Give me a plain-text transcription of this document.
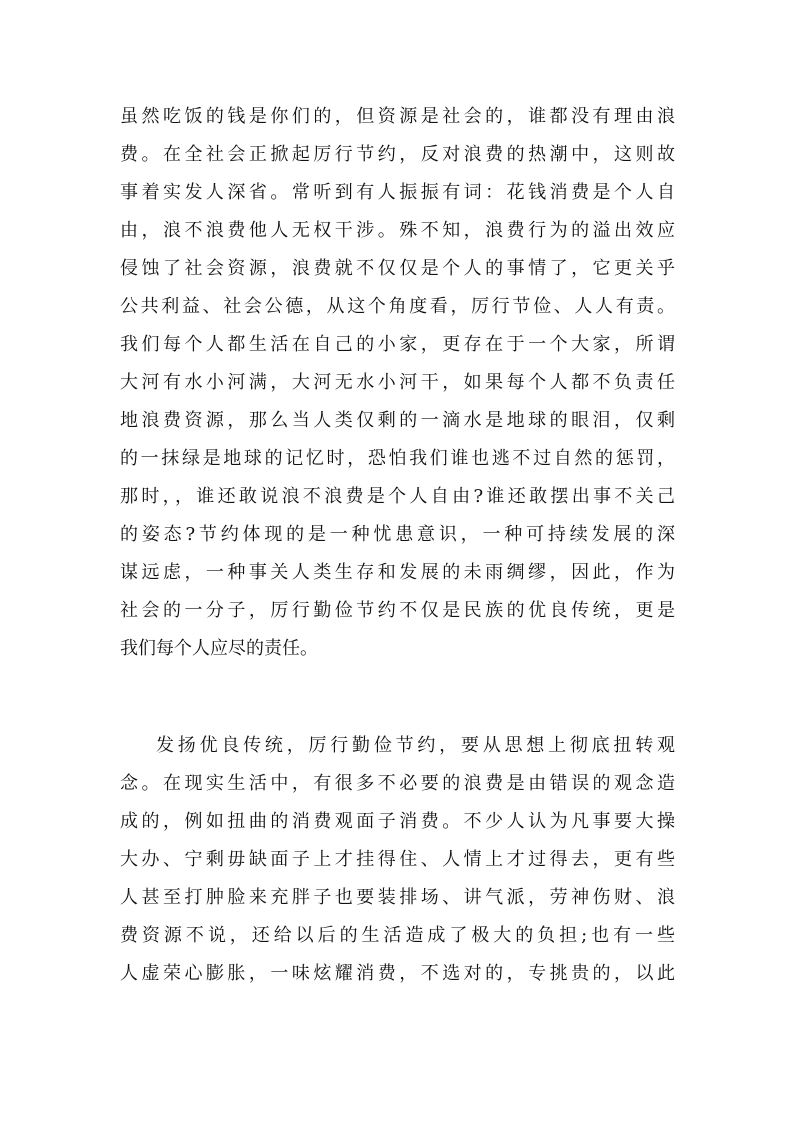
虽然吃饭的钱是你们的，但资源是社会的，谁都没有理由浪
费。在全社会正掀起厉行节约，反对浪费的热潮中，这则故
事着实发人深省。常听到有人振振有词：花钱消费是个人自
由，浪不浪费他人无权干涉。殊不知，浪费行为的溢出效应
侵蚀了社会资源，浪费就不仅仅是个人的事情了，它更关乎
公共利益、社会公德，从这个角度看，厉行节俭、人人有责。
我们每个人都生活在自己的小家，更存在于一个大家，所谓
大河有水小河满，大河无水小河干，如果每个人都不负责任
地浪费资源，那么当人类仅剩的一滴水是地球的眼泪，仅剩
的一抹绿是地球的记忆时，恐怕我们谁也逃不过自然的惩罚，
那时，，谁还敢说浪不浪费是个人自由?谁还敢摆出事不关己
的姿态?节约体现的是一种忧患意识，一种可持续发展的深
谋远虑，一种事关人类生存和发展的未雨绸缪，因此，作为
社会的一分子，厉行勤俭节约不仅是民族的优良传统，更是
我们每个人应尽的责任。
发扬优良传统，厉行勤俭节约，要从思想上彻底扭转观
念。在现实生活中，有很多不必要的浪费是由错误的观念造
成的，例如扭曲的消费观面子消费。不少人认为凡事要大操
大办、宁剩毋缺面子上才挂得住、人情上才过得去，更有些
人甚至打肿脸来充胖子也要装排场、讲气派，劳神伤财、浪
费资源不说，还给以后的生活造成了极大的负担;也有一些
人虚荣心膨胀，一味炫耀消费，不选对的，专挑贵的，以此
